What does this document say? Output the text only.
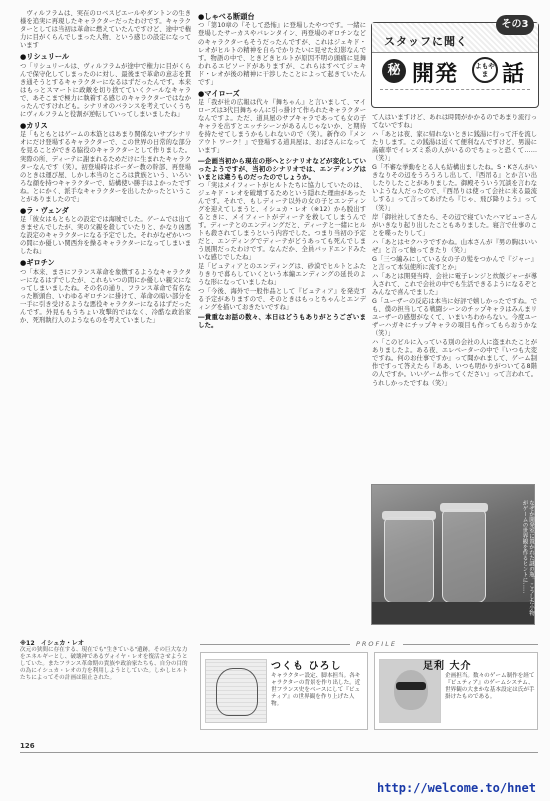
　ヴィルフラムは、実在のロベスピエールやダントンの生き様を追実に再現したキャラクターだったわけです。キャラクターとしては当初は革命に燃えていたんですけど、途中で権力に目がくらんでしまった人物、という感じの設定になっています

●リシュリール

つ「リシュリールは、ヴィルフラムが途中で権力に目がくらんで保守化してしまったのに対し、最後まで革命の意志を貫き通そうとするキャラクターになるはずだったんです。本来はもっとスマートに政敵を切り捨てていくクールなキャラで、あそこまで極力に執着する感じのキャラクターではなかったんですけれども。シナリオのバランスを考えていくうちにヴィルフラムと役割が逆転していってしまいましたね」

●カリス

足「もともとはゲームの本筋とはあまり関係ないサブシナリオにだけ登場するキャラクターで、この世界の日常的な部分を見ることができる脇役のキャラクターとして作りました。実際の所、ディーテに謝まれるためだけに生まれたキャラクターなんです（笑）。初登場時はボーダー教の幹部、再登場のときは運び屋、しかし本当のところは貴族という、いろいろな顔を持つキャラクターで、結構使い勝手はよかったですね。とにかく、派手なキャラクターを出したかったということがありましたので」

●ラ・ヴェンダ

足「彼女はもともとの設定では海賊でした。ゲームでは出てきませんでしたが、実の父親を殺していたりと、かなり凶悪な設定のキャラクターになる予定でした。それがなぜかいつの間にか優しい関西弁を操るキャラクターになってしまいましたね」

●ギロチン

つ「本来、まさにフランス革命を象徴するようなキャラクターになるはずでしたが、これもいつの間にか優しい親父になってしまいましたね。その名の通り、フランス革命で有名なった断頭台、いわゆるギロチンに掛けて、革命の暗い部分を一手に引き受けるような悪役キャラクターになるはずだったんです。外見ももうちょい攻撃的ではなく、冷酷な政治家か、死刑執行人のようなものを考えていました」

●しゃべる断頭台

つ「第10章の『そして恐怖』に登場したやつです。一緒に登場したサーカスやバレンタイン、再登場のギロチンなどのキャラクターもそうだったんですが、これはジェキド・レオがヒルトの精神を自らでかりたいに見せた幻影なんです。物語の中で、ときどきヒルトが原因不明の頭痛に見舞われるエピソードがありますが、これらはすべてジェキド・レオが後の精神に干渉したことによって起きていたんです」

●マイローズ

足「我が社の広報は代々『舞ちゃん』と言いまして、マイローズは3代目舞ちゃんに引っ掛けて作られたキャラクターなんですよ。ただ、道具屋のサブキャラであっても女の子キャラを出すとエッチシーンがあるんじゃないか、と期待を持たせてしまうかもしれないので（笑）。新作の『メン アウト ワーク！』で登場する道具屋は、おばさんになっています」

―企画当初から現在の形へとシナリオなどが変化していったようですが、当初のシナリオでは、エンディングはいまとは違うものだったのでしょうか。

つ「実はメイフィートがヒルトたちに協力していたのは、ジェキド・レオを破壊するためという隠れた理由があったんです。それで、もしディーテ以外の女の子とエンディングを迎えてしまうと、イシュカ・レオ（※12）から脱出するときに、メイフィートがディーテを救してしまうんです。ディーテとのエンディングだと、ディーテと一緒にヒルトも殺されてしまうという内容でした。つまり当初の予定だと、エンディングでディーテがどうあっても死んでしまう展開だったわけです。なんだか、全員バッドエンドみたいな感じでしたね」

足「ビュティアとのエンディングは、砂漠でヒルトとふたりきりで暮らしていくという本編エンディングの延長のような形になっていましたね」

つ「今後、海外で一般作品として『ビュティア』を発売する予定がありますので、そのときはもっとちゃんとエンディングを描いておきたいですね」

―貴重なお話の数々、本日はどうもありがとうございました。

スタッフに聞く
その3
秘 開発	よもやま 話

て人はいますけど、あれは時間がかかるのであまり流行ってないですね」

ハ「あとは夜、家に帰れないときに銭湯に行って汗を流したりします。この銭湯は近くて便利なんですけど、男湯に高確率でイレズミ系の人がいるのでちょっと恐くて……（笑）」

G「不審な挙動をとる人も結構出ましたね。S・Kさんがいきなりその辺をうろうろし出して、『西吊る』とか言い出したりしたことがありました。御殿そういう冗談を言わないような人だったので、『西吊りは使って会社に来る最流しする』って言ってあげたら『じゃ、飛び降りよう』って（笑）」

岸「御社社してきたら、その辺で寝ていたハマビューさんがいきなり起り出したこともありました。寝言で仕事のことを喋ったりして」

ハ「あとはセクハラですかね。山本さんが『男の胸はいいぜ』と言って触ってきたり（笑）」

G「三つ編みにしている女の子の髪をつかんで『ジャー』と言って本気使所に流すとか」

ハ「あとは開発当時、会社に電子レンジと炊飯ジャーが導入されて、これで会社の中でも生活できるようになるぞとみんなで喜んでました」

G「ユーザーの反応は本当に好評で嬉しかったですね。でも、僕の担当してる戦闘シーンのチップキャラはみんまリユーザーの感想がなくて、いまいちわからない。今度ユーザーハガキにチップキャラの項目も作ってもらおうかな（笑）」

ハ「このビルに入っている別の会社の人に盗まれたことがありましたよ。ある夜、エレベーターの中で『いつも大変ですね。何のお仕事ですか』って聞かれまして、ゲーム制作ですって答えたら『ああ、いつも明かりがついてる8階の人ですか。いいゲーム作ってください』って言われて。うれしかったですね（笑）」

なぜか開発室に置かれた謎の瓶。こうした小物がゲームの世界観を作るヒントに……
※12　イシュカ・レオ
次元の狭間に存在する、現在でも"生きている"遺跡。その巨大な力をエネルギーとし、破壊神であるヴォイヤ・レオを復活させようとしていた。またフランス革命期の貴族や政治家たちも、自分の目的の為にイシュカ・レオの力を利用しようとしていた。しかしヒルトたちによってその計画は阻止された。
PROFILE
つくも ひろし
キャラクター設定、脚本担当。各キャラクターの背景を作り出した。近世フランス史をベースにして『ビュティア』の世界観を作り上げた人物。
足利 大介
企画担当。数々のゲーム制作を経て『ビュティア』のゲームシステム、世界観の大まかな基本設定は氏が手掛けたものである。
126
http://welcome.to/hnet
